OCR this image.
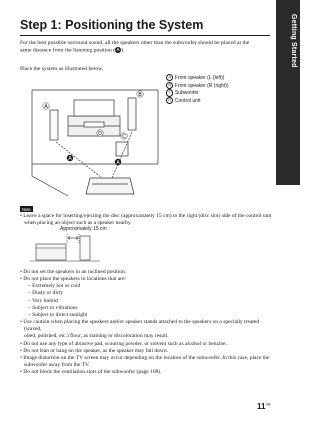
Getting Started
Step 1: Positioning the System
For the best possible surround sound, all the speakers other than the subwoofer should be placed at the
same distance from the listening position (A).
Place the system as illustrated below.
A Front speaker (L (left))
B Front speaker (R (right))
C Subwoofer
D Control unit
A
B
C
D
A
A
Note
• Leave a space for inserting/ejecting the disc (approximately 15 cm) to the right (disc slot) side of the control unit
when placing an object such as a speaker nearby.
Approximately 15 cm
• Do not set the speakers in an inclined position.
• Do not place the speakers in locations that are:
– Extremely hot or cold
– Dusty or dirty
– Very humid
– Subject to vibrations
– Subject to direct sunlight
• Use caution when placing the speakers and/or speaker stands attached to the speakers on a specially treated (waxed,
oiled, polished, etc.) floor, as staining or discoloration may result.
• Do not use any type of abrasive pad, scouring powder, or solvent such as alcohol or benzine.
• Do not lean or hang on the speaker, as the speaker may fall down.
• Image distortion on the TV screen may occur depending on the location of the subwoofer. In this case, place the
subwoofer away from the TV.
• Do not block the ventilation slots of the subwoofer (page 108).
$11^{GB}$
